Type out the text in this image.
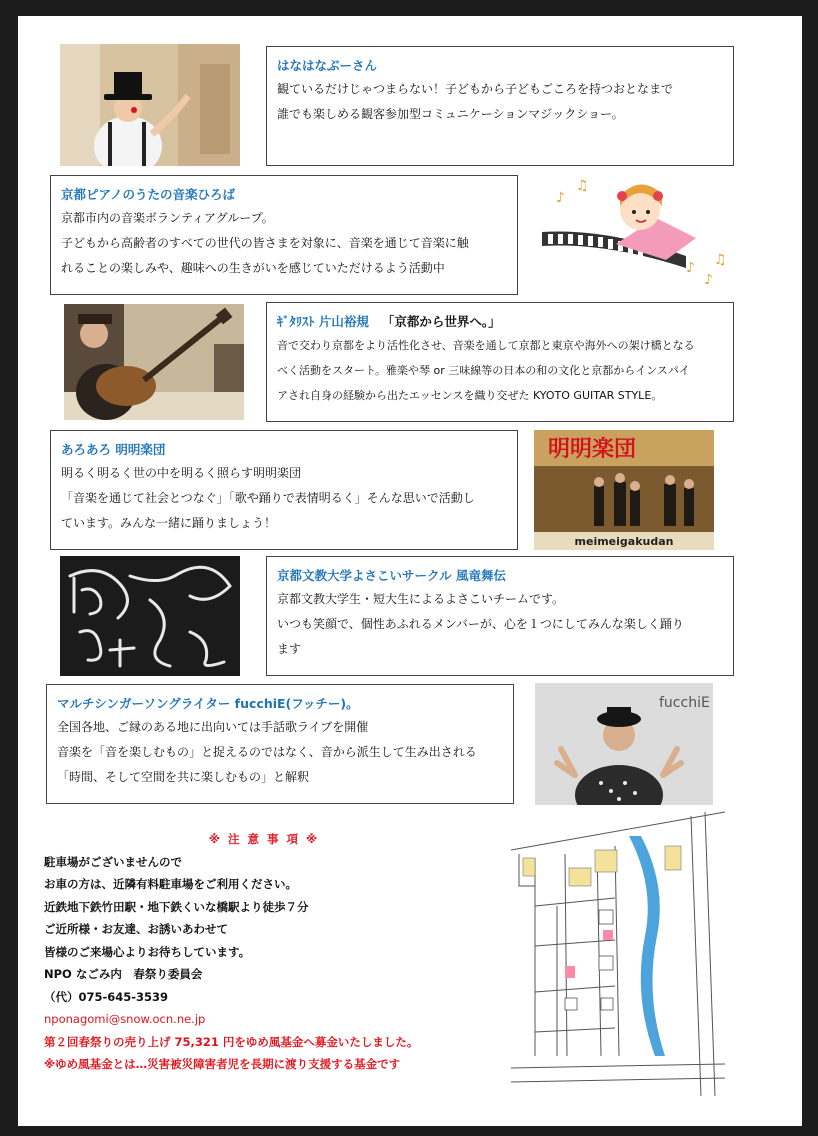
はなはなぶーさん

観ているだけじゃつまらない！子どもから子どもごころを持つおとなまで

誰でも楽しめる観客参加型コミュニケーションマジックショー。

京都ピアノのうたの音楽ひろば

京都市内の音楽ボランティアグループ。

子どもから高齢者のすべての世代の皆さまを対象に、音楽を通じて音楽に触

れることの楽しみや、趣味への生きがいを感じていただけるよう活動中

♪
♫
♪
♪
♫
ｷﾞﾀﾘｽﾄ 片山裕規 「京都から世界へ。」

音で交わり京都をより活性化させ、音楽を通して京都と東京や海外への架け橋となる

べく活動をスタート。雅楽や琴 or 三味線等の日本の和の文化と京都からインスパイ

アされ自身の経験から出たエッセンスを織り交ぜた KYOTO GUITAR STYLE。

あろあろ 明明楽団

明るく明るく世の中を明るく照らす明明楽団

「音楽を通じて社会とつなぐ」「歌や踊りで表情明るく」そんな思いで活動し

ています。みんな一緒に踊りましょう！

明明楽団
meimeigakudan
京都文教大学よさこいサークル 風竜舞伝

京都文教大学生・短大生によるよさこいチームです。

いつも笑顔で、個性あふれるメンバーが、心を１つにしてみんな楽しく踊り

ます

マルチシンガーソングライター fucchiE(フッチー)。

全国各地、ご縁のある地に出向いては手話歌ライブを開催

音楽を「音を楽しむもの」と捉えるのではなく、音から派生して生み出される

「時間、そして空間を共に楽しむもの」と解釈

fucchiE
※ 注 意 事 項 ※
駐車場がございませんので
お車の方は、近隣有料駐車場をご利用ください。
近鉄地下鉄竹田駅・地下鉄くいな橋駅より徒歩７分
ご近所様・お友達、お誘いあわせて
皆様のご来場心よりお待ちしています。
NPO なごみ内　春祭り委員会
（代）075-645-3539
nponagomi@snow.ocn.ne.jp
第２回春祭りの売り上げ 75,321 円をゆめ風基金へ募金いたしました。
※ゆめ風基金とは…災害被災障害者児を長期に渡り支援する基金です
